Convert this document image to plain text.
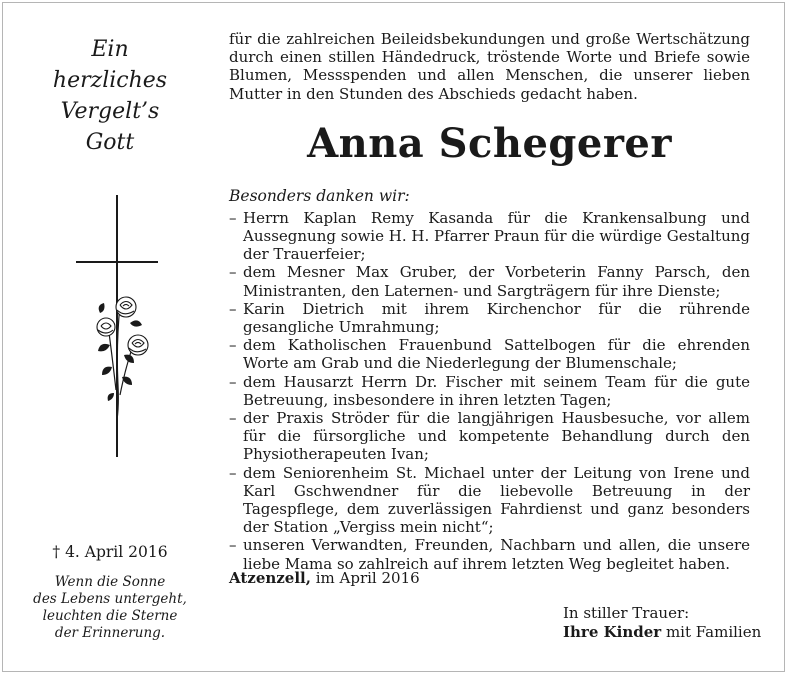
Ein
herzliches
Vergelt’s
Gott
† 4. April 2016
Wenn die Sonne
des Lebens untergeht,
leuchten die Sterne
der Erinnerung.

für die zahlreichen Beileidsbekundungen und große Wertschätzung durch einen stillen Händedruck, tröstende Worte und Briefe sowie Blumen, Messspenden und allen Menschen, die unserer lieben Mutter in den Stunden des Abschieds gedacht haben.

Anna Schegerer
Besonders danken wir:
– Herrn Kaplan Remy Kasanda für die Krankensalbung und Aussegnung sowie H. H. Pfarrer Praun für die würdige Gestaltung der Trauerfeier;
– dem Mesner Max Gruber, der Vorbeterin Fanny Parsch, den Ministranten, den Laternen- und Sargträgern für ihre Dienste;
– Karin Dietrich mit ihrem Kirchenchor für die rührende gesangliche Umrahmung;
– dem Katholischen Frauenbund Sattelbogen für die ehrenden Worte am Grab und die Niederlegung der Blumenschale;
– dem Hausarzt Herrn Dr. Fischer mit seinem Team für die gute Betreuung, insbesondere in ihren letzten Tagen;
– der Praxis Ströder für die langjährigen Hausbesuche, vor allem für die fürsorgliche und kompetente Behandlung durch den Physiotherapeuten Ivan;
– dem Seniorenheim St. Michael unter der Leitung von Irene und Karl Gschwendner für die liebevolle Betreuung in der Tagespflege, dem zuverlässigen Fahrdienst und ganz besonders der Station „Vergiss mein nicht“;
– unseren Verwandten, Freunden, Nachbarn und allen, die unsere liebe Mama so zahlreich auf ihrem letzten Weg begleitet haben.
Atzenzell, im April 2016
In stiller Trauer:
Ihre Kinder mit Familien
